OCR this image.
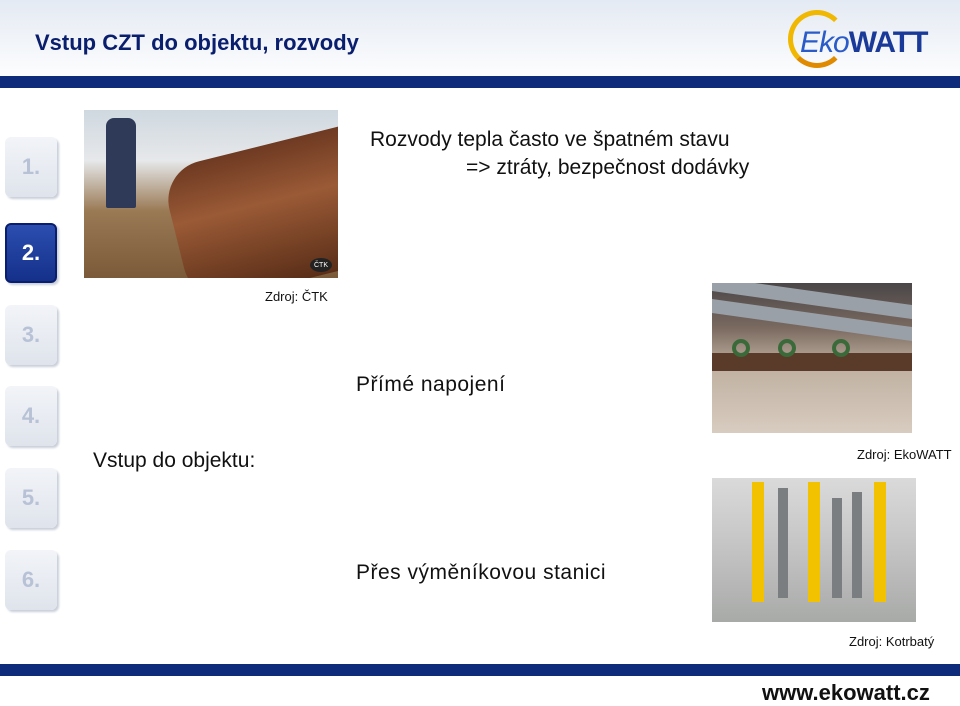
Vstup CZT do objektu, rozvody	EkoWATT
1.
2.
3.
4.
5.
6.
ČTK
Rozvody tepla často ve špatném stavu
=> ztráty, bezpečnost dodávky
Zdroj: ČTK
Přímé napojení
Vstup do objektu:	Zdroj: EkoWATT
Přes výměníkovou stanici
Zdroj: Kotrbatý
www.ekowatt.cz
